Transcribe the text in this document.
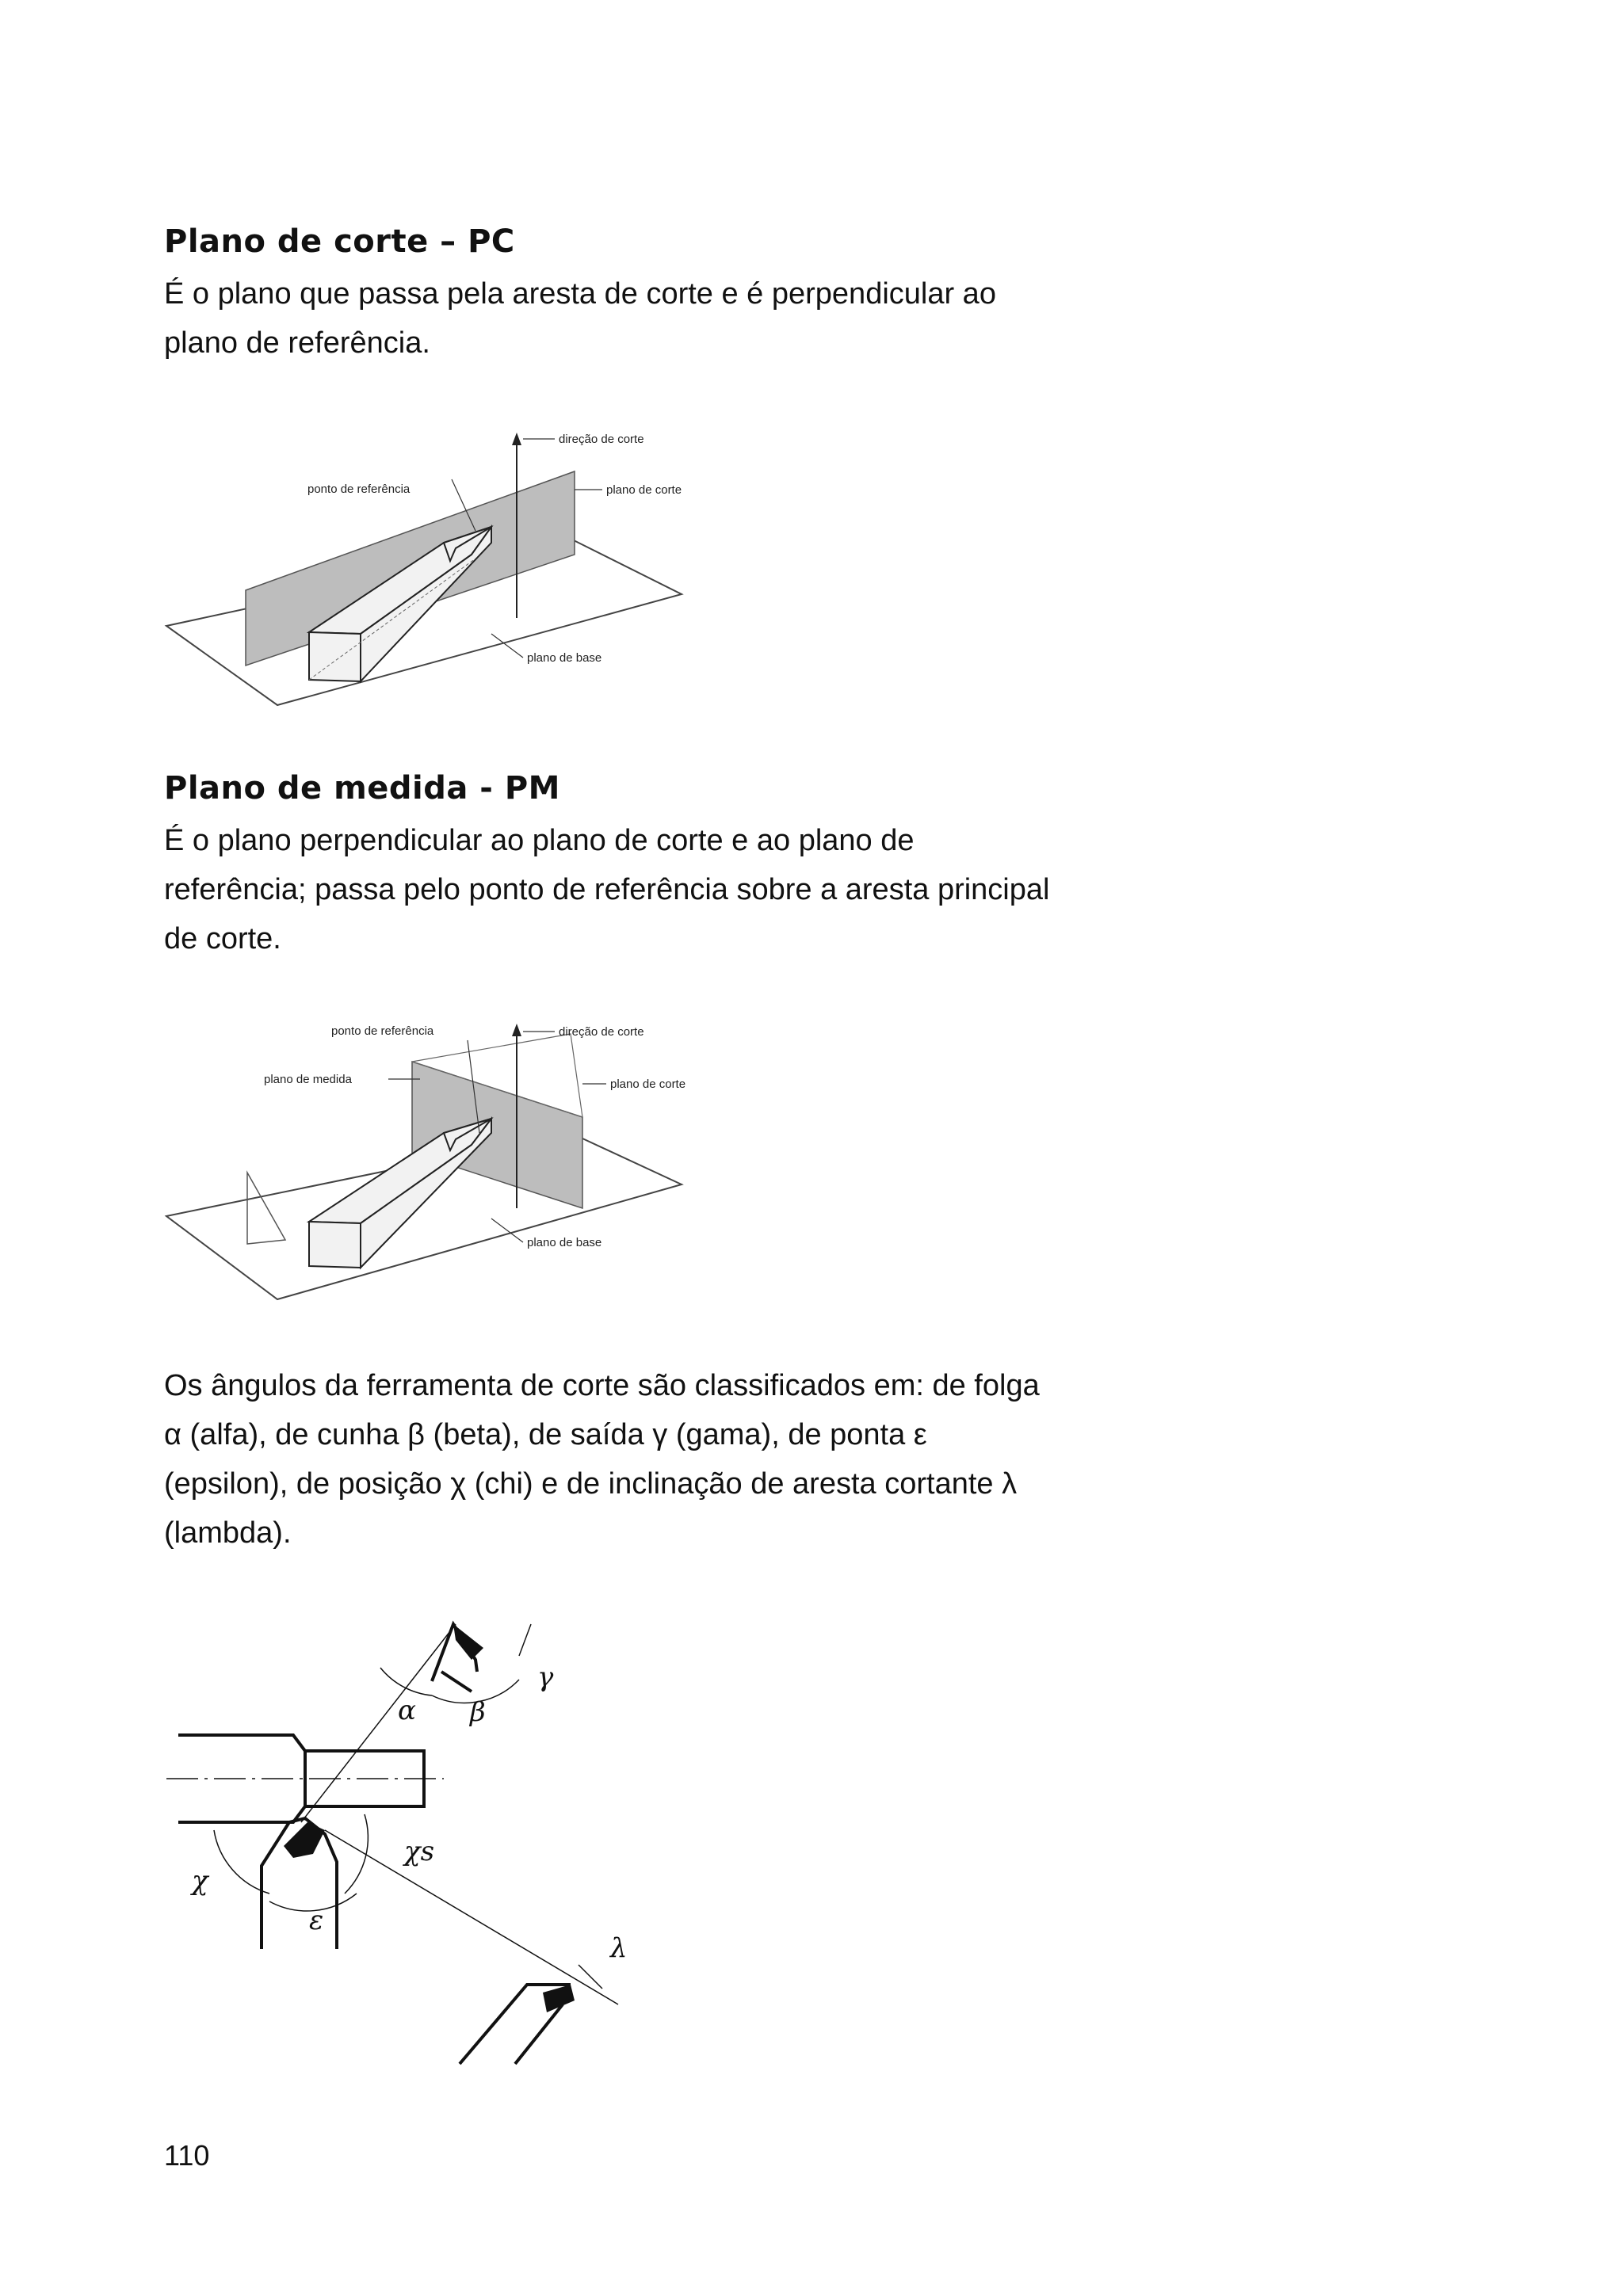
Plano de corte – PC

É o plano que passa pela aresta de corte e é perpendicular ao plano de referência.

direção de corte
ponto de referência	plano de corte
plano de base
Plano de medida - PM

É o plano perpendicular ao plano de corte e ao plano de referência; passa pelo ponto de referência sobre a aresta principal de corte.

ponto de referência	direção de corte
plano de medida	plano de corte
plano de base

Os ângulos da ferramenta de corte são classificados em: de folga α (alfa), de cunha β (beta), de saída γ (gama), de ponta ε (epsilon), de posição χ (chi) e de inclinação de aresta cortante λ (lambda).

α β
γ
χ
χs
ε
λ

110
